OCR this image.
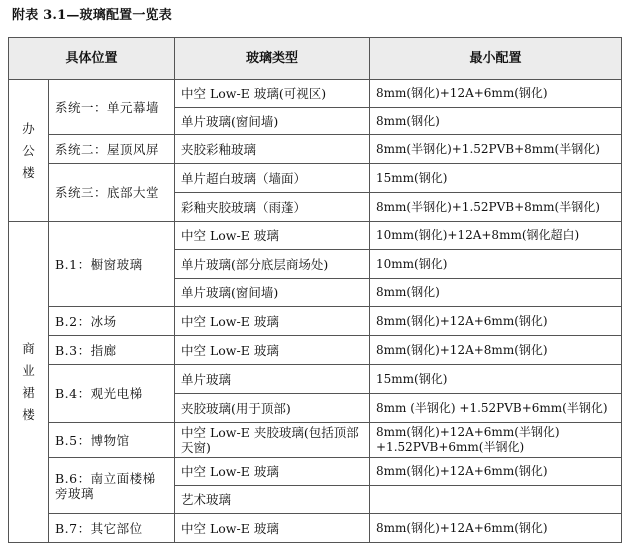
附表 3.1—玻璃配置一览表
具体位置		玻璃类型	最小配置

办公楼	系统一：单元幕墙	中空 Low-E 玻璃(可视区)	8mm(钢化)+12A+6mm(钢化)
		单片玻璃(窗间墙)	8mm(钢化)
	系统二：屋顶风屏	夹胶彩釉玻璃	8mm(半钢化)+1.52PVB+8mm(半钢化)
	系统三：底部大堂	单片超白玻璃（墙面）	15mm(钢化)
		彩釉夹胶玻璃（雨蓬）	8mm(半钢化)+1.52PVB+8mm(半钢化)

商业裙楼	B.1：橱窗玻璃	中空 Low-E 玻璃	10mm(钢化)+12A+8mm(钢化超白)
		单片玻璃(部分底层商场处)	10mm(钢化)
		单片玻璃(窗间墙)	8mm(钢化)
	B.2：冰场	中空 Low-E 玻璃	8mm(钢化)+12A+6mm(钢化)
	B.3：指廊	中空 Low-E 玻璃	8mm(钢化)+12A+8mm(钢化)
	B.4：观光电梯	单片玻璃	15mm(钢化)
		夹胶玻璃(用于顶部)	8mm (半钢化) +1.52PVB+6mm(半钢化)
	B.5：博物馆	中空 Low-E 夹胶玻璃(包括顶部天窗)	8mm(钢化)+12A+6mm(半钢化)
+1.52PVB+6mm(半钢化)

	B.6：南立面楼梯旁玻璃	中空 Low-E 玻璃	8mm(钢化)+12A+6mm(钢化)
		艺术玻璃	
	B.7：其它部位	中空 Low-E 玻璃	8mm(钢化)+12A+6mm(钢化)
